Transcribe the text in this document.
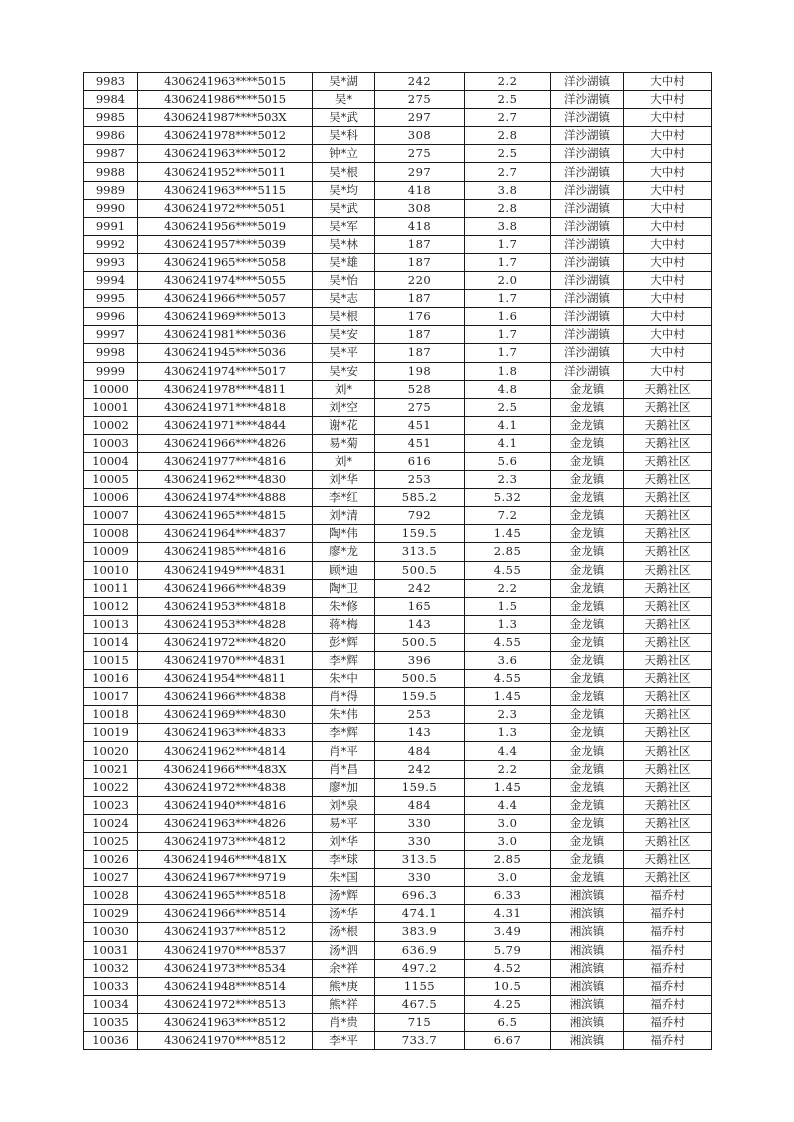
9983	4306241963****5015	吴*湖	242	2.2	洋沙湖镇	大中村
9984	4306241986****5015	吴*	275	2.5	洋沙湖镇	大中村
9985	4306241987****503X	吴*武	297	2.7	洋沙湖镇	大中村
9986	4306241978****5012	吴*科	308	2.8	洋沙湖镇	大中村
9987	4306241963****5012	钟*立	275	2.5	洋沙湖镇	大中村
9988	4306241952****5011	吴*根	297	2.7	洋沙湖镇	大中村
9989	4306241963****5115	吴*均	418	3.8	洋沙湖镇	大中村
9990	4306241972****5051	吴*武	308	2.8	洋沙湖镇	大中村
9991	4306241956****5019	吴*军	418	3.8	洋沙湖镇	大中村
9992	4306241957****5039	吴*林	187	1.7	洋沙湖镇	大中村
9993	4306241965****5058	吴*雄	187	1.7	洋沙湖镇	大中村
9994	4306241974****5055	吴*怡	220	2.0	洋沙湖镇	大中村
9995	4306241966****5057	吴*志	187	1.7	洋沙湖镇	大中村
9996	4306241969****5013	吴*根	176	1.6	洋沙湖镇	大中村
9997	4306241981****5036	吴*安	187	1.7	洋沙湖镇	大中村
9998	4306241945****5036	吴*平	187	1.7	洋沙湖镇	大中村
9999	4306241974****5017	吴*安	198	1.8	洋沙湖镇	大中村
10000	4306241978****4811	刘*	528	4.8	金龙镇	天鹅社区
10001	4306241971****4818	刘*空	275	2.5	金龙镇	天鹅社区
10002	4306241971****4844	谢*花	451	4.1	金龙镇	天鹅社区
10003	4306241966****4826	易*菊	451	4.1	金龙镇	天鹅社区
10004	4306241977****4816	刘*	616	5.6	金龙镇	天鹅社区
10005	4306241962****4830	刘*华	253	2.3	金龙镇	天鹅社区
10006	4306241974****4888	李*红	585.2	5.32	金龙镇	天鹅社区
10007	4306241965****4815	刘*清	792	7.2	金龙镇	天鹅社区
10008	4306241964****4837	陶*伟	159.5	1.45	金龙镇	天鹅社区
10009	4306241985****4816	廖*龙	313.5	2.85	金龙镇	天鹅社区
10010	4306241949****4831	顾*迪	500.5	4.55	金龙镇	天鹅社区
10011	4306241966****4839	陶*卫	242	2.2	金龙镇	天鹅社区
10012	4306241953****4818	朱*修	165	1.5	金龙镇	天鹅社区
10013	4306241953****4828	蒋*梅	143	1.3	金龙镇	天鹅社区
10014	4306241972****4820	彭*辉	500.5	4.55	金龙镇	天鹅社区
10015	4306241970****4831	李*辉	396	3.6	金龙镇	天鹅社区
10016	4306241954****4811	朱*中	500.5	4.55	金龙镇	天鹅社区
10017	4306241966****4838	肖*得	159.5	1.45	金龙镇	天鹅社区
10018	4306241969****4830	朱*伟	253	2.3	金龙镇	天鹅社区
10019	4306241963****4833	李*辉	143	1.3	金龙镇	天鹅社区
10020	4306241962****4814	肖*平	484	4.4	金龙镇	天鹅社区
10021	4306241966****483X	肖*昌	242	2.2	金龙镇	天鹅社区
10022	4306241972****4838	廖*加	159.5	1.45	金龙镇	天鹅社区
10023	4306241940****4816	刘*泉	484	4.4	金龙镇	天鹅社区
10024	4306241963****4826	易*平	330	3.0	金龙镇	天鹅社区
10025	4306241973****4812	刘*华	330	3.0	金龙镇	天鹅社区
10026	4306241946****481X	李*球	313.5	2.85	金龙镇	天鹅社区
10027	4306241967****9719	朱*国	330	3.0	金龙镇	天鹅社区
10028	4306241965****8518	汤*辉	696.3	6.33	湘滨镇	福乔村
10029	4306241966****8514	汤*华	474.1	4.31	湘滨镇	福乔村
10030	4306241937****8512	汤*根	383.9	3.49	湘滨镇	福乔村
10031	4306241970****8537	汤*泗	636.9	5.79	湘滨镇	福乔村
10032	4306241973****8534	余*祥	497.2	4.52	湘滨镇	福乔村
10033	4306241948****8514	熊*庚	1155	10.5	湘滨镇	福乔村
10034	4306241972****8513	熊*祥	467.5	4.25	湘滨镇	福乔村
10035	4306241963****8512	肖*贵	715	6.5	湘滨镇	福乔村
10036	4306241970****8512	李*平	733.7	6.67	湘滨镇	福乔村
